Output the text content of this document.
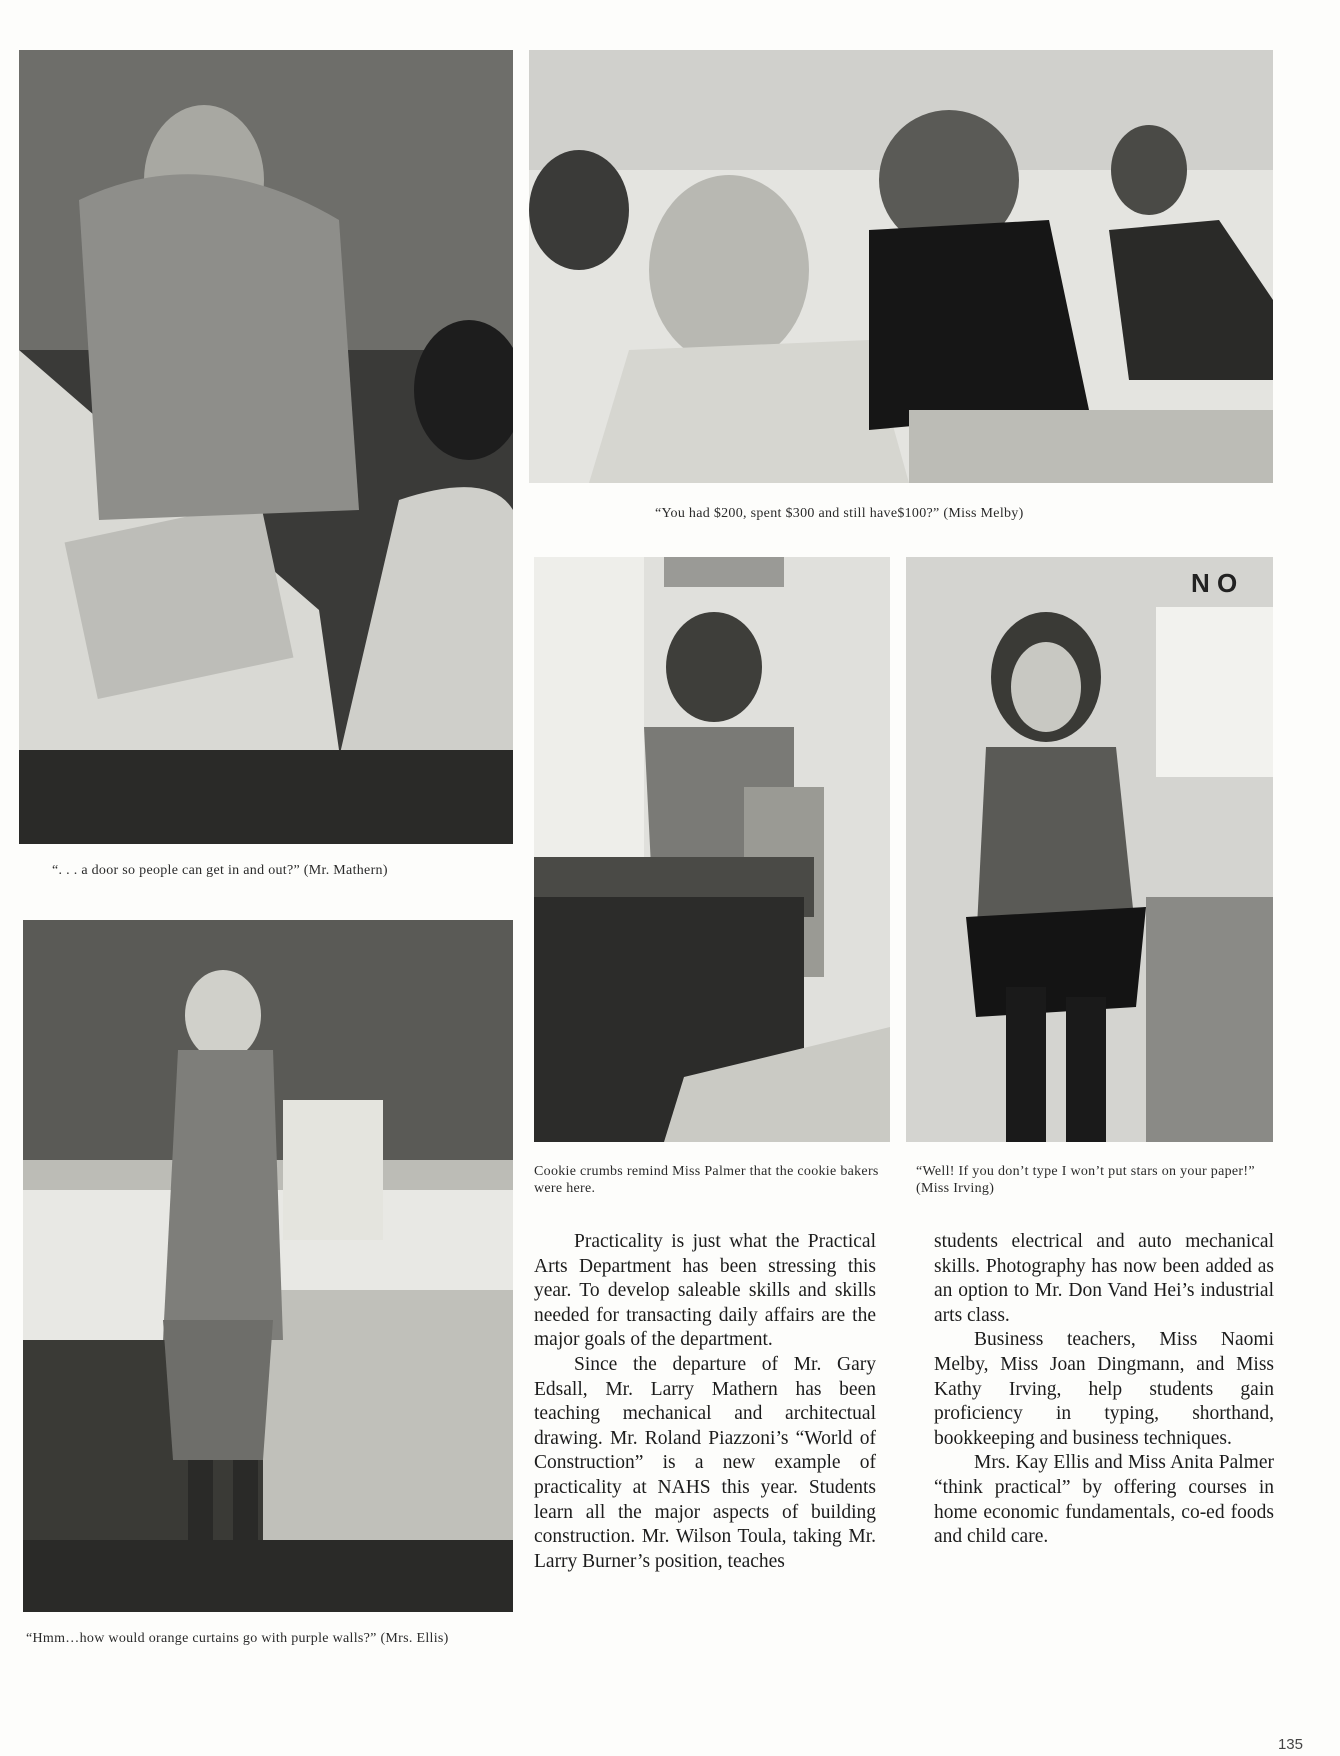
“. . . a door so people can get in and out?” (Mr. Mathern)
“You had $200, spent $300 and still have$100?” (Miss Melby)
Cookie crumbs remind Miss Palmer that the cookie bakers were here.
N O
“Well! If you don’t type I won’t put stars on your paper!” (Miss Irving)
“Hmm…how would orange curtains go with purple walls?” (Mrs. Ellis)

Practicality is just what the Practical Arts Department has been stressing this year. To develop saleable skills and skills needed for transacting daily affairs are the major goals of the department.

Since the departure of Mr. Gary Edsall, Mr. Larry Mathern has been teaching mechanical and architectual drawing. Mr. Roland Piazzoni’s “World of Construction” is a new example of practicality at NAHS this year. Students learn all the major aspects of building construction. Mr. Wilson Toula, taking Mr. Larry Burner’s position, teaches

students electrical and auto mechanical skills. Photography has now been added as an option to Mr. Don Vand Hei’s industrial arts class.

Business teachers, Miss Naomi Melby, Miss Joan Dingmann, and Miss Kathy Irving, help students gain proficiency in typing, shorthand, bookkeeping and business techniques.

Mrs. Kay Ellis and Miss Anita Palmer “think practical” by offering courses in home economic fundamentals, co-ed foods and child care.

135
